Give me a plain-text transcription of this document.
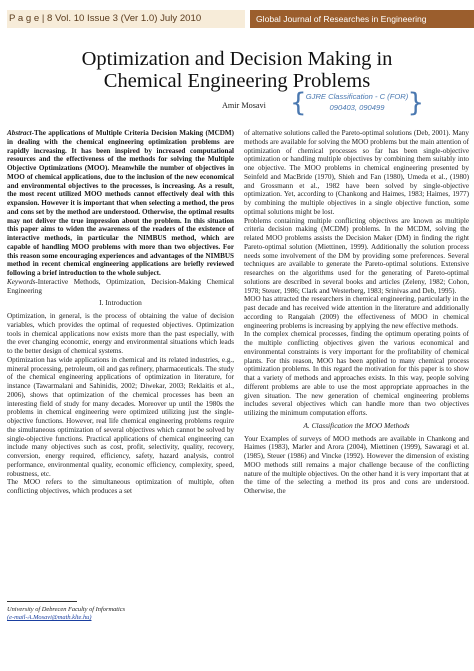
P a g e | 8 Vol. 10 Issue 3 (Ver 1.0) July 2010	Global Journal of Researches in Engineering
Optimization and Decision Making in
Chemical Engineering Problems
Amir Mosavi { GJRE Classification - C (FOR)
090403, 090499 }

Abstract-The applications of Multiple Criteria Decision Making (MCDM) in dealing with the chemical engineering optimization problems are rapidly increasing. It has been inspired by increased computational resources and the effectiveness of the methods for solving the Multiple Objective Optimizations (MOO). Meanwhile the number of objectives in MOO of chemical applications, due to the inclusion of the new economical and environmental objectives to the processes, is increasing. As a result, the most recent utilized MOO methods cannot effectively deal with this expansion. However it is important that when selecting a method, the pros and cons set by the method are understood. Otherwise, the optimal results may not deliver the true impression about the problem. In this situation this paper aims to widen the awareness of the readers of the existence of interactive methods, in particular the NIMBUS method, which are capable of handling MOO problems with more than two objectives. For this reason some encouraging experiences and advantages of the NIMBUS method in recent chemical engineering applications are briefly reviewed following a brief introduction to the whole subject.

Keywords-Interactive Methods, Optimization, Decision-Making Chemical Engineering

I. Introduction

Optimization, in general, is the process of obtaining the value of decision variables, which provides the optimal of requested objectives. Optimization tools in chemical applications now exists more than the past especially, with the ever changing economic, energy and environmental situations which leads to the better design of chemical systems.

Optimization has wide applications in chemical and its related industries, e.g., mineral processing, petroleum, oil and gas refinery, pharmaceuticals. The study of the chemical engineering applications of optimization in literature, for instance (Tawarmalani and Sahinidis, 2002; Diwekar, 2003; Reklaitis et al., 2006), shows that optimization of the chemical processes has been an interesting field of study for many decades. Moreover up until the 1980s the problems in chemical engineering were optimized utilizing just the single-objective functions. However, real life chemical engineering problems require the simultaneous optimization of several objectives which cannot be solved by single-objective functions. Practical applications of chemical engineering can include many objectives such as cost, profit, selectivity, quality, recovery, conversion, energy required, efficiency, safety, hazard analysis, control performance, environmental quality, economic efficiency, complexity, speed, robustness, etc.

The MOO refers to the simultaneous optimization of multiple, often conflicting objectives, which produces a set

of alternative solutions called the Pareto-optimal solutions (Deb, 2001). Many methods are available for solving the MOO problems but the main attention of optimization of chemical processes so far has been single-objective optimization or handling multiple objectives by combining them suitably into one objective. The MOO problems in chemical engineering presented by Seinfeld and MacBride (1970), Shieh and Fan (1980), Umeda et al., (1980) and Grossmann et al., 1982 have been solved by single-objective optimization. Yet, according to (Chankong and Haimes, 1983; Haimes, 1977) by combining the multiple objectives in a single objective function, some optimal solutions might be lost.

Problems containing multiple conflicting objectives are known as multiple criteria decision making (MCDM) problems. In the MCDM, solving the related MOO problems assists the Decision Maker (DM) in finding the right Pareto-optimal solution (Miettinen, 1999). Additionally the solution process needs some involvement of the DM by providing some preferences. Several techniques are available to generate the Pareto-optimal solutions. Extensive researches on the algorithms used for the generating of Pareto-optimal solutions are described in several books and articles (Zeleny, 1982; Cohon, 1978; Steuer, 1986; Clark and Westerberg, 1983; Srinivas and Deb, 1995).

MOO has attracted the researchers in chemical engineering, particularly in the past decade and has received wide attention in the literature and additionally according to Rangaiah (2009) the effectiveness of MOO in chemical engineering problems is increasing by applying the new effective methods.

In the complex chemical processes, finding the optimum operating points of the multiple conflicting objectives given the various economical and environmental constraints is very important for the profitability of chemical plants. For this reason, MOO has been applied to many chemical process optimization problems. In this regard the motivation for this paper is to show that a variety of methods and approaches exists. In this way, people solving different problems are able to use the most appropriate approaches in the given situation. The new generation of chemical engineering problems includes several objectives which can handle more than two objectives utilizing the minimum computation efforts.

A. Classification the MOO Methods

Your Examples of surveys of MOO methods are available in Chankong and Haimes (1983), Marler and Arora (2004), Miettinen (1999), Sawaragi et al. (1985), Steuer (1986) and Vincke (1992). However the dimension of existing MOO methods still remains a major challenge because of the conflicting nature of the multiple objectives. On the other hand it is very important that at the time of the selecting a method its pros and cons are understood. Otherwise, the

University of Debrecen Faculty of Informatics
(e-mail-A.Mosavi@math.klte.hu)
